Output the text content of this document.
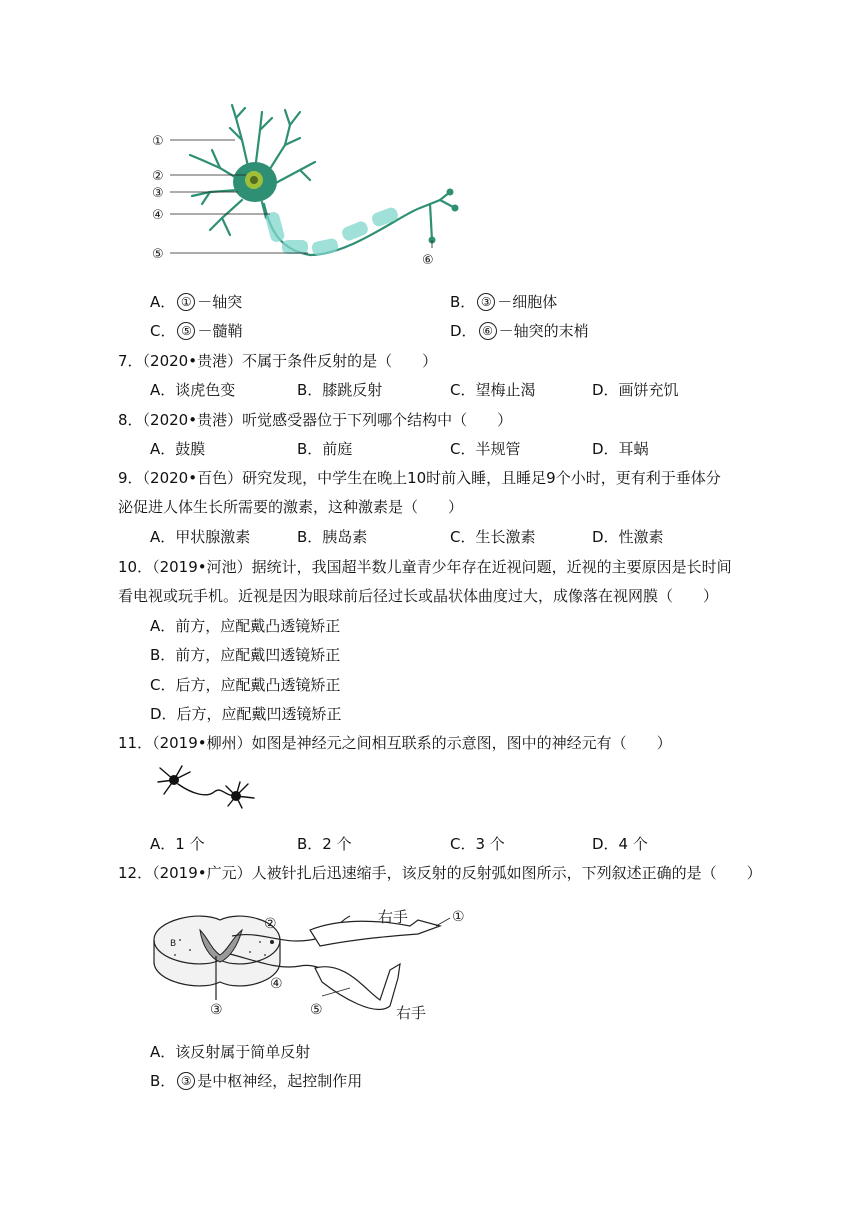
①
②
③
④
⑤	⑥
A． ① －轴突	B． ③ －细胞体
C． ⑤ －髓鞘	D． ⑥ －轴突的末梢
7．（2020•贵港）不属于条件反射的是（　　）
A．谈虎色变	B．膝跳反射	C．望梅止渴	D．画饼充饥
8．（2020•贵港）听觉感受器位于下列哪个结构中（　　）
A．鼓膜	B．前庭	C．半规管	D．耳蜗
9．（2020•百色）研究发现，中学生在晚上10时前入睡，且睡足9个小时，更有利于垂体分
泌促进人体生长所需要的激素，这种激素是（　　）
A．甲状腺激素	B．胰岛素	C．生长激素	D．性激素
10．（2019•河池）据统计，我国超半数儿童青少年存在近视问题，近视的主要原因是长时间
看电视或玩手机。近视是因为眼球前后径过长或晶状体曲度过大，成像落在视网膜（　　）
A．前方，应配戴凸透镜矫正
B．前方，应配戴凹透镜矫正
C．后方，应配戴凸透镜矫正
D．后方，应配戴凹透镜矫正
11．（2019•柳州）如图是神经元之间相互联系的示意图，图中的神经元有（　　）
A．1 个	B．2 个	C．3 个	D．4 个
12．（2019•广元）人被针扎后迅速缩手，该反射的反射弧如图所示，下列叙述正确的是（　　）
B
①
②
③
④
⑤
右手
右手
A．该反射属于简单反射
B． ③ 是中枢神经，起控制作用
